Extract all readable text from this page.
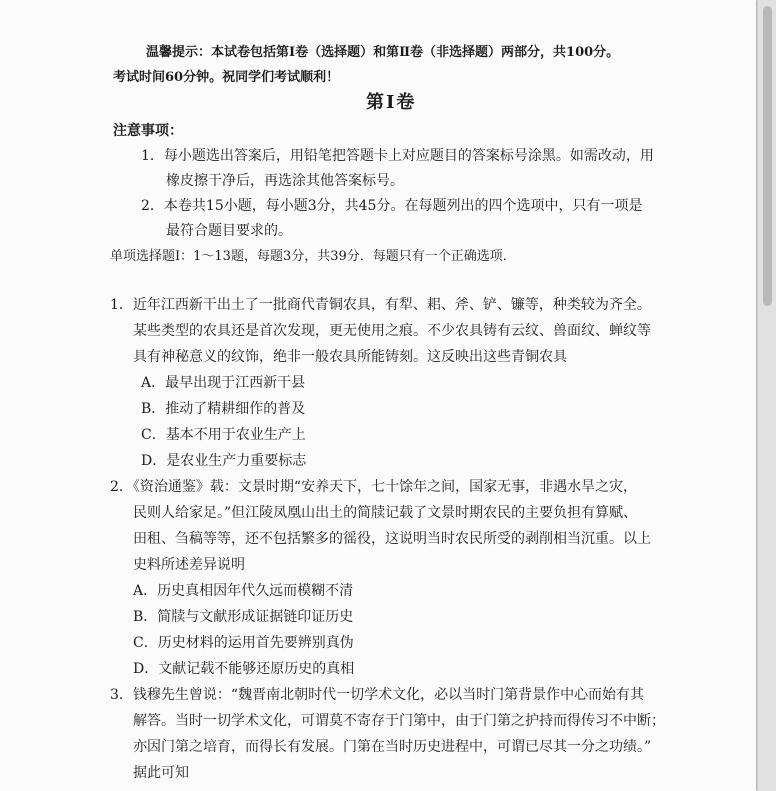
温馨提示：本试卷包括第Ⅰ卷（选择题）和第Ⅱ卷（非选择题）两部分，共100分。
考试时间60分钟。祝同学们考试顺利！
第Ⅰ卷
注意事项：
1．每小题选出答案后，用铅笔把答题卡上对应题目的答案标号涂黑。如需改动，用
橡皮擦干净后，再选涂其他答案标号。
2．本卷共15小题，每小题3分，共45分。在每题列出的四个选项中，只有一项是
最符合题目要求的。
单项选择题Ⅰ：1～13题，每题3分，共39分．每题只有一个正确选项．
1．近年江西新干出土了一批商代青铜农具，有犁、耜、斧、铲、镰等，种类较为齐全。
某些类型的农具还是首次发现，更无使用之痕。不少农具铸有云纹、兽面纹、蝉纹等
具有神秘意义的纹饰，绝非一般农具所能铸刻。这反映出这些青铜农具
A．最早出现于江西新干县
B．推动了精耕细作的普及
C．基本不用于农业生产上
D．是农业生产力重要标志
2．《资治通鉴》载：文景时期“安养天下，七十馀年之间，国家无事，非遇水旱之灾，
民则人给家足。”但江陵凤凰山出土的简牍记载了文景时期农民的主要负担有算赋、
田租、刍稿等等，还不包括繁多的徭役，这说明当时农民所受的剥削相当沉重。以上
史料所述差异说明
A．历史真相因年代久远而模糊不清
B．简牍与文献形成证据链印证历史
C．历史材料的运用首先要辨别真伪
D．文献记载不能够还原历史的真相
3．钱穆先生曾说：“魏晋南北朝时代一切学术文化，必以当时门第背景作中心而始有其
解答。当时一切学术文化，可谓莫不寄存于门第中，由于门第之护持而得传习不中断；
亦因门第之培育，而得长有发展。门第在当时历史进程中，可谓已尽其一分之功绩。”
据此可知
